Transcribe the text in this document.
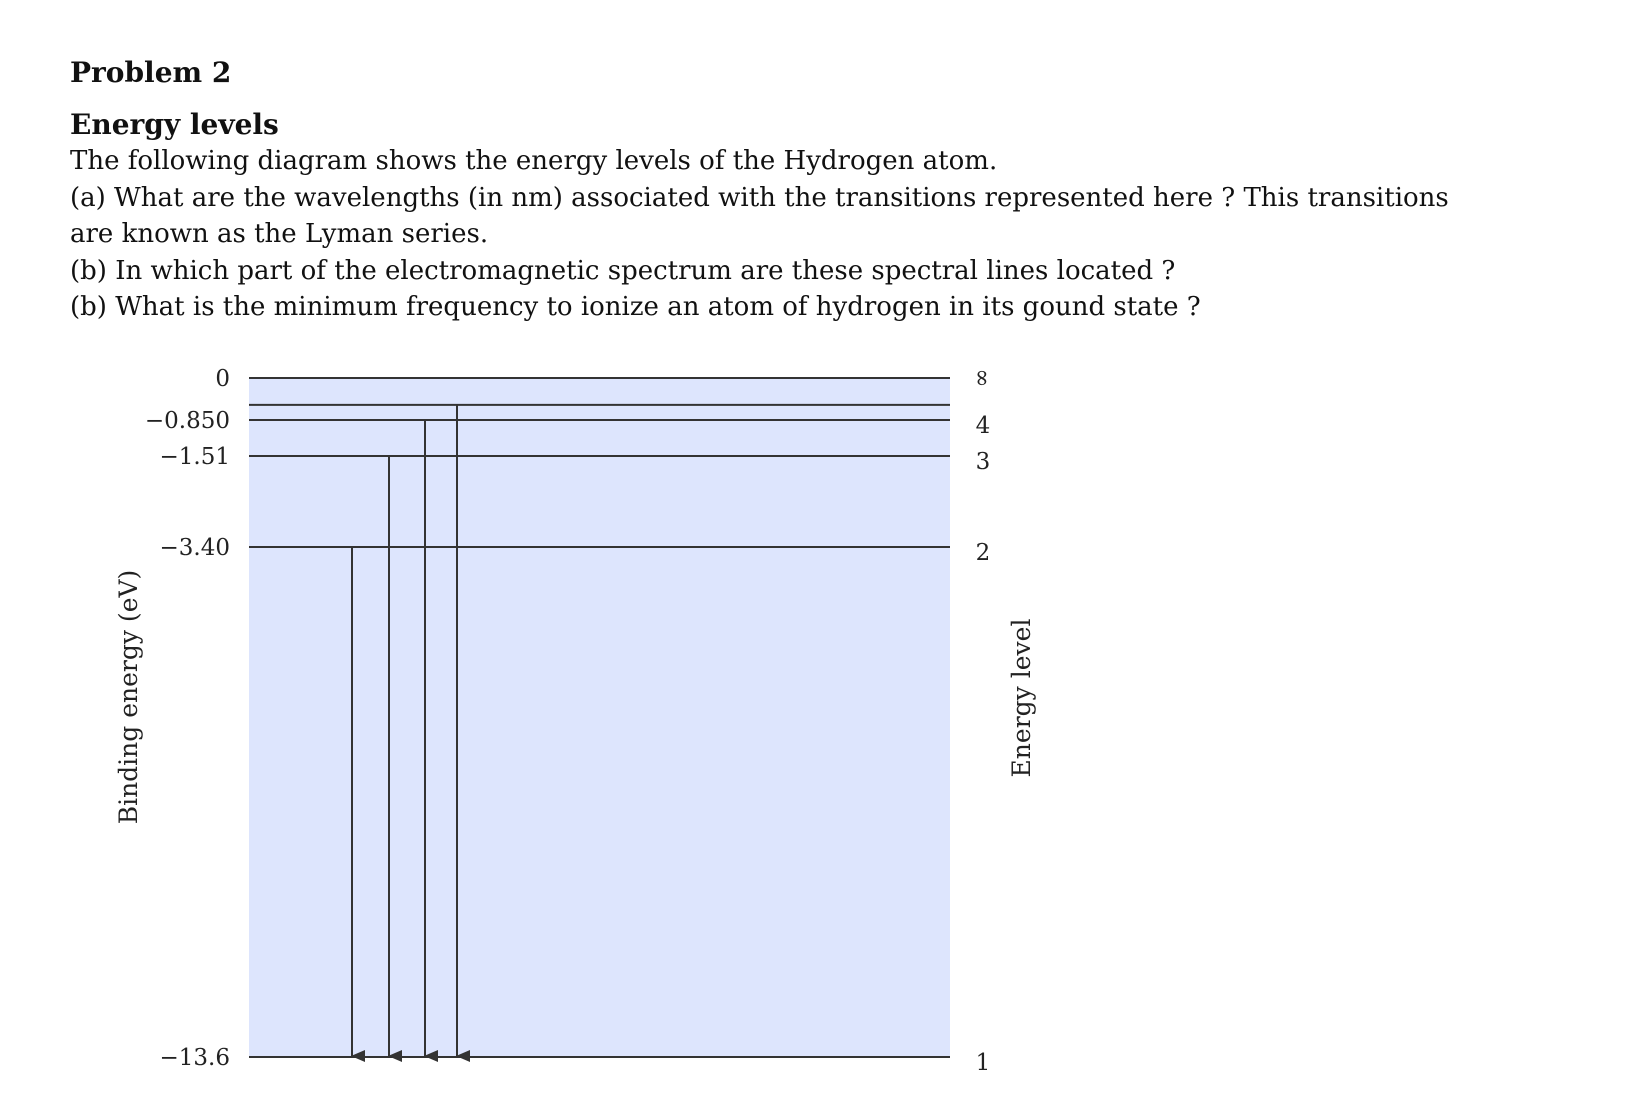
Problem 2
Energy levels
The following diagram shows the energy levels of the Hydrogen atom.
(a) What are the wavelengths (in nm) associated with the transitions represented here ? This transitions
are known as the Lyman series.
(b) In which part of the electromagnetic spectrum are these spectral lines located ?
(b) What is the minimum frequency to ionize an atom of hydrogen in its gound state ?
0	∞
−0.850	4
−1.51	3
−3.40	2
−13.6	1
Binding energy (eV)	Energy level
